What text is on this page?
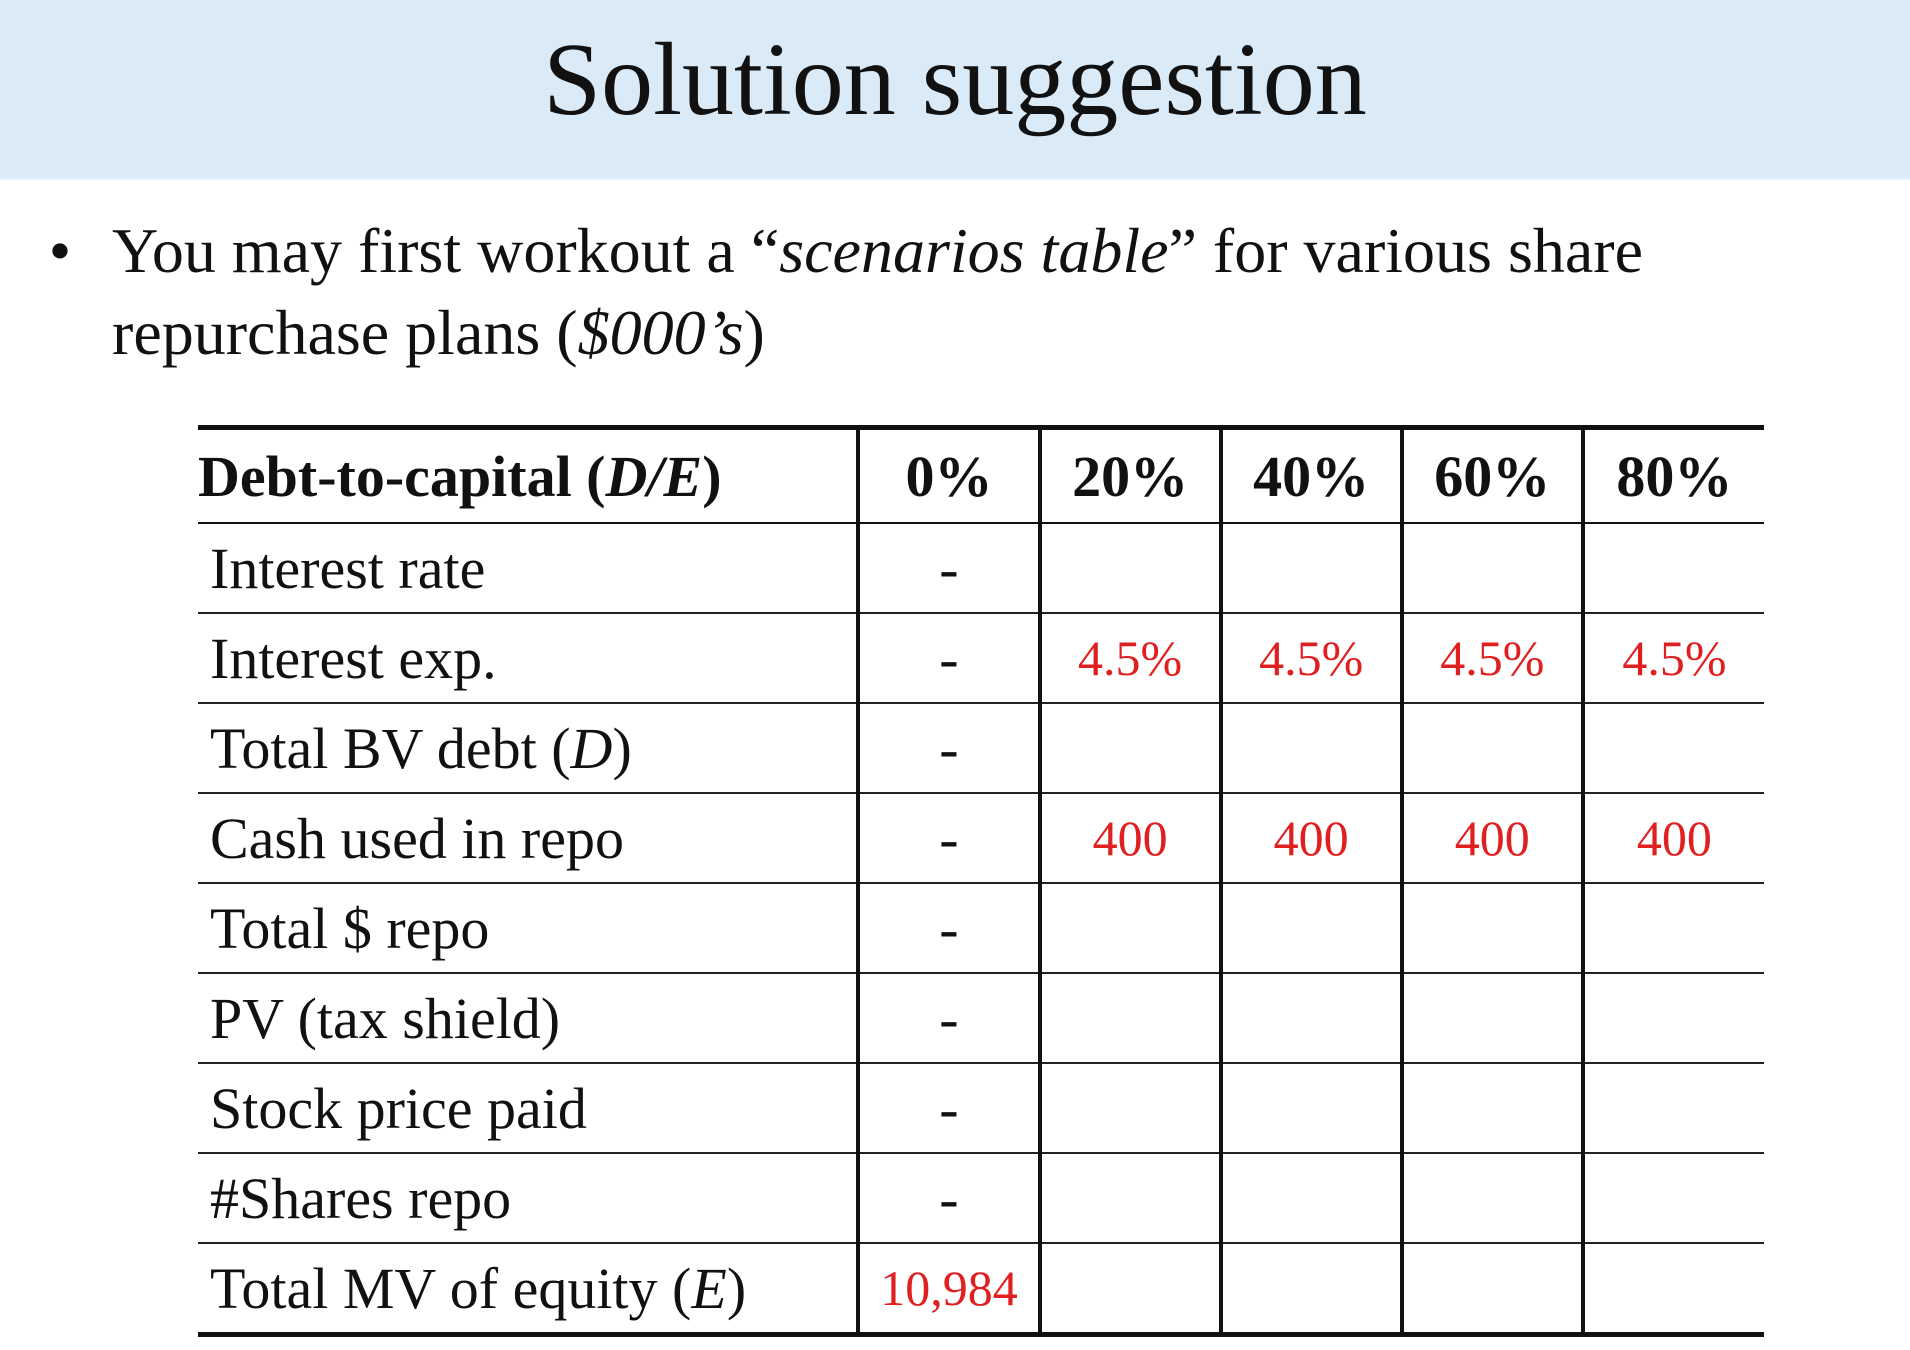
Solution suggestion
• You may first workout a “scenarios table” for various share repurchase plans ($000’s)
Debt-to-capital (D/E)	0%	20%	40%	60%	80%
Interest rate	-				
Interest exp.	-	4.5%	4.5%	4.5%	4.5%
Total BV debt (D)	-				
Cash used in repo	-	400	400	400	400
Total $ repo	-				
PV (tax shield)	-				
Stock price paid	-				
#Shares repo	-				
Total MV of equity (E)	10,984				
